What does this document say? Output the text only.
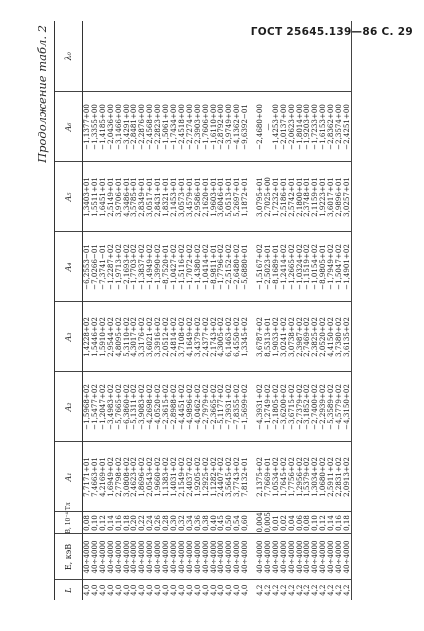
ГОСТ 25645.139—86 С. 29
Продолжение табл. 2
L	E, кэВ	B, 10⁻⁴ Тл	A₁	A₂	A₃	A₄	A₅	A₆	λ₀
4,0	40÷4000	0,08	7,7171+01	−1,5968+02	1,4228+02	−6,2553−01	1,3403+01	−1,1377+00	
4,0	40÷4000	0,10	7,4663+01	−1,5477+02	1,5446+02	−7,0266−01	1,5511+01	−1,3355+00	
4,0	40÷4000	0,12	4,2169+01	−1,2047+02	1,5910+02	−7,3741−01	1,6451+01	−1,4185+00	
4,0	40÷4000	0,14	1,6949+02	−3,4983+02	2,9544+02	−1,2287+02	2,5149+01	−2,0436+00	
4,0	40÷4000	0,16	2,7798+02	−5,7665+02	4,8095+02	−1,9713+02	3,9706+01	−3,1466+00	
4,0	40÷4000	0,18	3,0808+02	−6,3860+02	5,3110+02	−2,1693+02	4,3486+01	−3,4291+00	
4,0	40÷4000	0,20	2,4623+02	−5,1311+02	4,3017+02	−1,7703+02	3,5785+01	−2,8481+00	
4,0	40÷4000	0,22	1,8696+02	−3,9083+02	3,3176+02	−1,3837+02	2,8349+01	−2,2876+00	
4,0	40÷4000	0,24	2,0543+02	−4,2698+02	3,6021+02	−1,4949+02	3,0517+01	−2,4568+00	
4,0	40÷4000	0,26	1,9660+02	−4,0520+02	3,3916+02	−1,3990+02	2,8431+01	−2,2823+00	
4,0	40÷4000	0,28	1,1383+02	−2,3615+02	2,0512+02	−8,7520+01	1,8321+01	−1,5061+00	
4,0	40÷4000	0,30	1,4031+02	−2,8988+02	2,4814+02	−1,0427+02	2,1453+01	−1,7434+00	
4,0	40÷4000	0,32	2,1549+02	−4,4451+02	3,7108+02	−1,5116+02	3,0573+01	−2,4518+00	
4,0	40÷4000	0,34	2,4037+02	−4,9896+02	4,1649+02	−1,7072+02	3,4579+01	−2,7274+00	
4,0	40÷4000	0,36	1,9205+02	−4,0462+02	3,4379+02	−1,4380+02	2,9586+01	−2,3903+00	
4,0	40÷4000	0,38	1,2925+02	−2,7979+02	2,4377+02	−1,0414+02	2,1620+01	−1,7606+00	
4,0	40÷4000	0,40	1,1282+02	−2,3665+02	2,1743+02	−8,9811+01	1,9603+01	−1,6110+00	
4,0	40÷4000	0,45	2,4407+02	−5,1177+02	4,3005+02	−1,7796+02	3,6046+01	−2,8792+00	
4,0	40÷4000	0,50	3,5645+02	−7,3931+02	6,1463+02	−2,5152+02	5,0513+01	−3,9749+00	
4,0	40÷4000	0,54	3,7743+02	−7,8355+02	6,4550+02	−2,6480+02	5,2697+01	−4,1362+00	
4,0	40÷4000	0,60	7,8132+01	−1,5699+02	1,3345+02	−5,6880+01	1,1872+01	−9,6392−01	

4,2	40÷4000	0,004	2,1375+02	−4,3931+02	3,6787+02	−1,5167+02	3,0795+01	−2,4680+00	
4,2	40÷4000	0,005	7,7669+01	−1,2749+02	8,5313+01	−2,5023+01	2,7025+00	—	
4,2	40÷4000	0,01	1,0534+02	−2,1805+02	1,9033+02	−8,1689+01	1,7232+01	−1,4253+00	
4,2	40÷4000	0,02	1,7645+02	−3,6200+02	3,0241+02	−1,2414+02	2,5186+01	−2,0137+00	
4,2	40÷4000	0,04	1,7756+02	−3,6715+02	3,0738+02	−1,2665+02	2,5742+01	−2,0623+00	
4,2	40÷4000	0,06	1,2956+02	−2,7379+02	2,3987+02	−1,0324+02	2,1800+01	−1,8014+00	
4,2	40÷4000	0,08	1,5379+02	−3,1852+02	2,7469+02	−1,1519+02	2,3748+01	−1,9203+00	
4,2	40÷4000	0,10	1,3034+02	−2,7400+02	2,3825+02	−1,0154+02	2,1159+01	−1,7233+00	
4,2	40÷4000	0,12	1,0680+02	−2,2939+02	2,0520+02	−8,9805+01	1,9223+01	−1,6153+00	
4,2	40÷4000	0,14	2,5911+02	−5,3589+02	4,4150+02	−1,7949+02	3,6017+01	−2,8362+00	
4,2	40÷4000	0,16	2,2831+02	−4,5779+02	3,7380+02	−1,5047+02	2,9896+01	−2,3574+00	
4,2	40÷4000	0,18	2,0913+02	−4,3150+02	3,6135+02	−1,4901+02	3,0257+01	−2,4251+00	
